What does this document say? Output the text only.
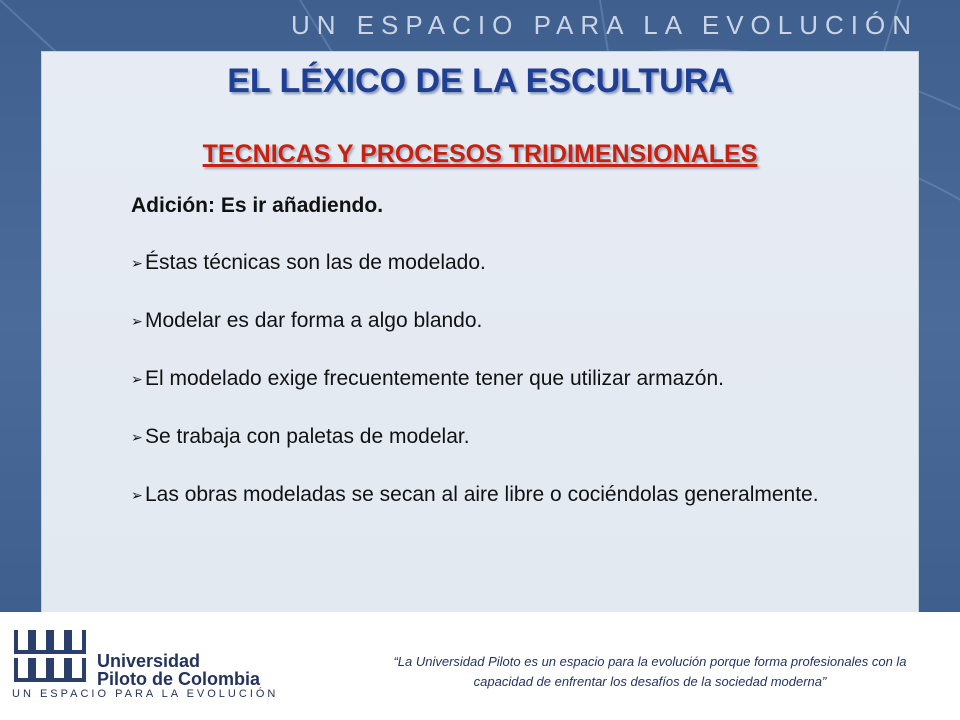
UN ESPACIO PARA LA EVOLUCIÓN
EL LÉXICO DE LA ESCULTURA
TECNICAS Y PROCESOS TRIDIMENSIONALES

Adición: Es ir añadiendo.

➢ Éstas técnicas son las de modelado.

➢ Modelar es dar forma a algo blando.

➢ El modelado exige frecuentemente tener que utilizar armazón.

➢ Se trabaja con paletas de modelar.

➢ Las obras modeladas se secan al aire libre o cociéndolas generalmente.

Universidad
Piloto de Colombia
UN ESPACIO PARA LA EVOLUCIÓN
“La Universidad Piloto es un espacio para la evolución porque forma profesionales con la
capacidad de enfrentar los desafíos de la sociedad moderna”
